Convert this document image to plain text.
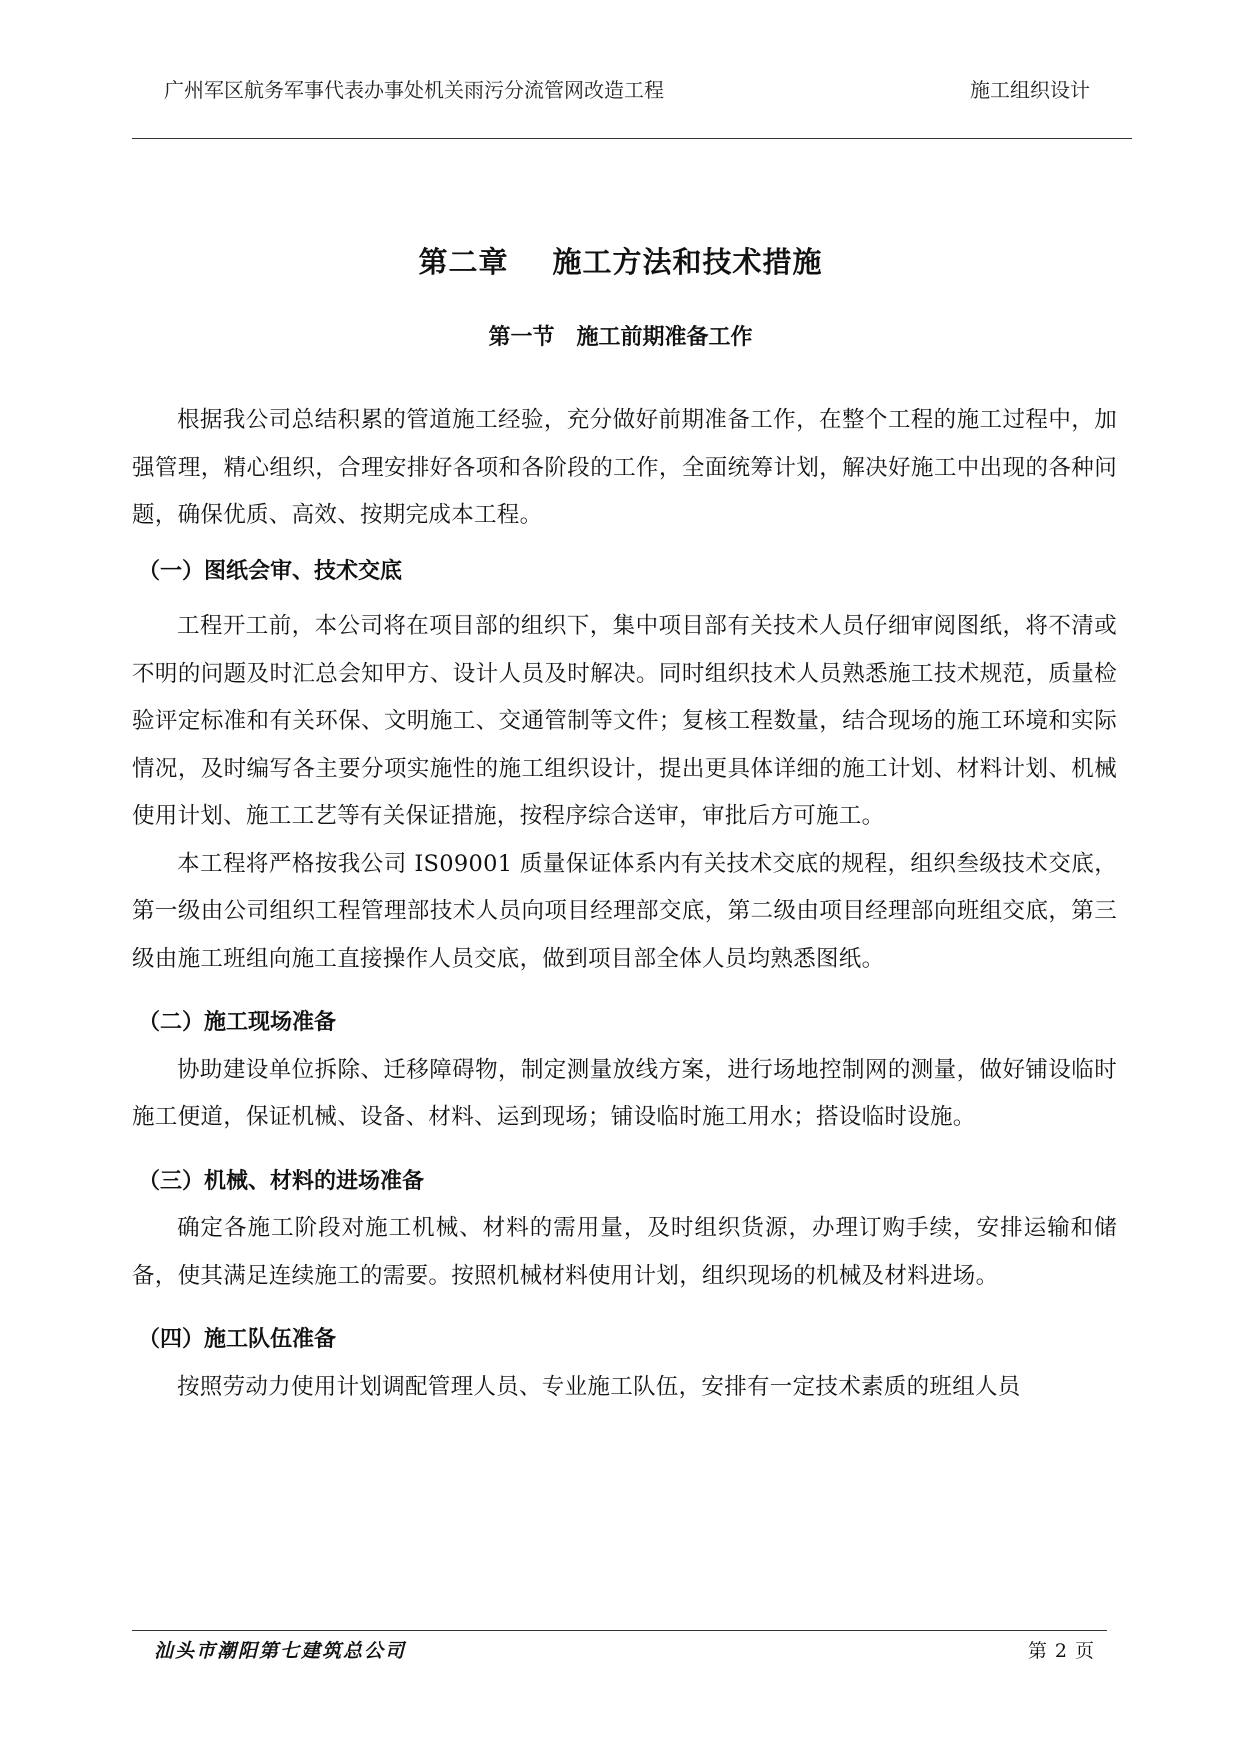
广州军区航务军事代表办事处机关雨污分流管网改造工程	施工组织设计
第二章 施工方法和技术措施
第一节 施工前期准备工作

根据我公司总结积累的管道施工经验，充分做好前期准备工作，在整个工程的施工过程中，加强管理，精心组织，合理安排好各项和各阶段的工作，全面统筹计划，解决好施工中出现的各种问题，确保优质、高效、按期完成本工程。

（一）图纸会审、技术交底

工程开工前，本公司将在项目部的组织下，集中项目部有关技术人员仔细审阅图纸，将不清或不明的问题及时汇总会知甲方、设计人员及时解决。同时组织技术人员熟悉施工技术规范，质量检验评定标准和有关环保、文明施工、交通管制等文件；复核工程数量，结合现场的施工环境和实际情况，及时编写各主要分项实施性的施工组织设计，提出更具体详细的施工计划、材料计划、机械使用计划、施工工艺等有关保证措施，按程序综合送审，审批后方可施工。

本工程将严格按我公司 IS09001 质量保证体系内有关技术交底的规程，组织叁级技术交底，第一级由公司组织工程管理部技术人员向项目经理部交底，第二级由项目经理部向班组交底，第三级由施工班组向施工直接操作人员交底，做到项目部全体人员均熟悉图纸。

（二）施工现场准备

协助建设单位拆除、迁移障碍物，制定测量放线方案，进行场地控制网的测量，做好铺设临时施工便道，保证机械、设备、材料、运到现场；铺设临时施工用水；搭设临时设施。

（三）机械、材料的进场准备

确定各施工阶段对施工机械、材料的需用量，及时组织货源，办理订购手续，安排运输和储备，使其满足连续施工的需要。按照机械材料使用计划，组织现场的机械及材料进场。

（四）施工队伍准备

按照劳动力使用计划调配管理人员、专业施工队伍，安排有一定技术素质的班组人员

汕头市潮阳第七建筑总公司	第 2 页
